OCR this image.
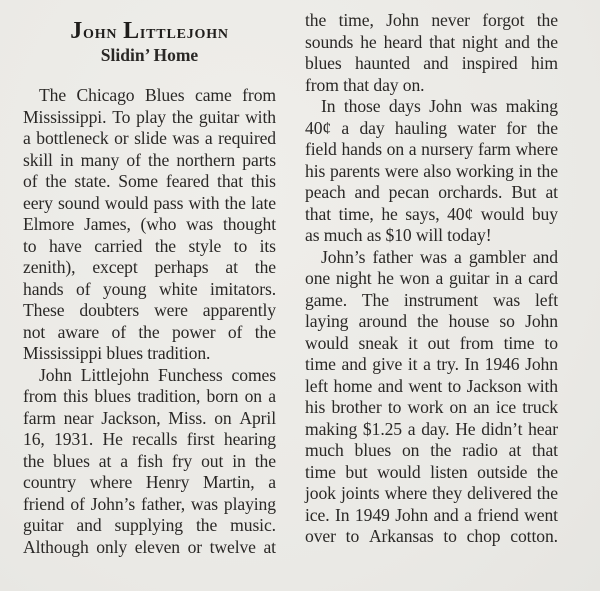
John Littlejohn
Slidin’ Home
The Chicago Blues came from
Mississippi. To play the guitar with
a bottleneck or slide was a required
skill in many of the northern parts
of the state. Some feared that this
eery sound would pass with the late
Elmore James, (who was thought
to have carried the style to its
zenith), except perhaps at the
hands of young white imitators.
These doubters were apparently
not aware of the power of the
Mississippi blues tradition.
John Littlejohn Funchess comes
from this blues tradition, born on a
farm near Jackson, Miss. on April
16, 1931. He recalls first hearing
the blues at a fish fry out in the
country where Henry Martin, a
friend of John’s father, was playing
guitar and supplying the music.
Although only eleven or twelve at
the time, John never forgot the
sounds he heard that night and the
blues haunted and inspired him
from that day on.
In those days John was making
40¢ a day hauling water for the
field hands on a nursery farm where
his parents were also working in the
peach and pecan orchards. But at
that time, he says, 40¢ would buy
as much as $10 will today!
John’s father was a gambler and
one night he won a guitar in a card
game. The instrument was left
laying around the house so John
would sneak it out from time to
time and give it a try. In 1946 John
left home and went to Jackson with
his brother to work on an ice truck
making $1.25 a day. He didn’t hear
much blues on the radio at that
time but would listen outside the
jook joints where they delivered the
ice. In 1949 John and a friend went
over to Arkansas to chop cotton.
